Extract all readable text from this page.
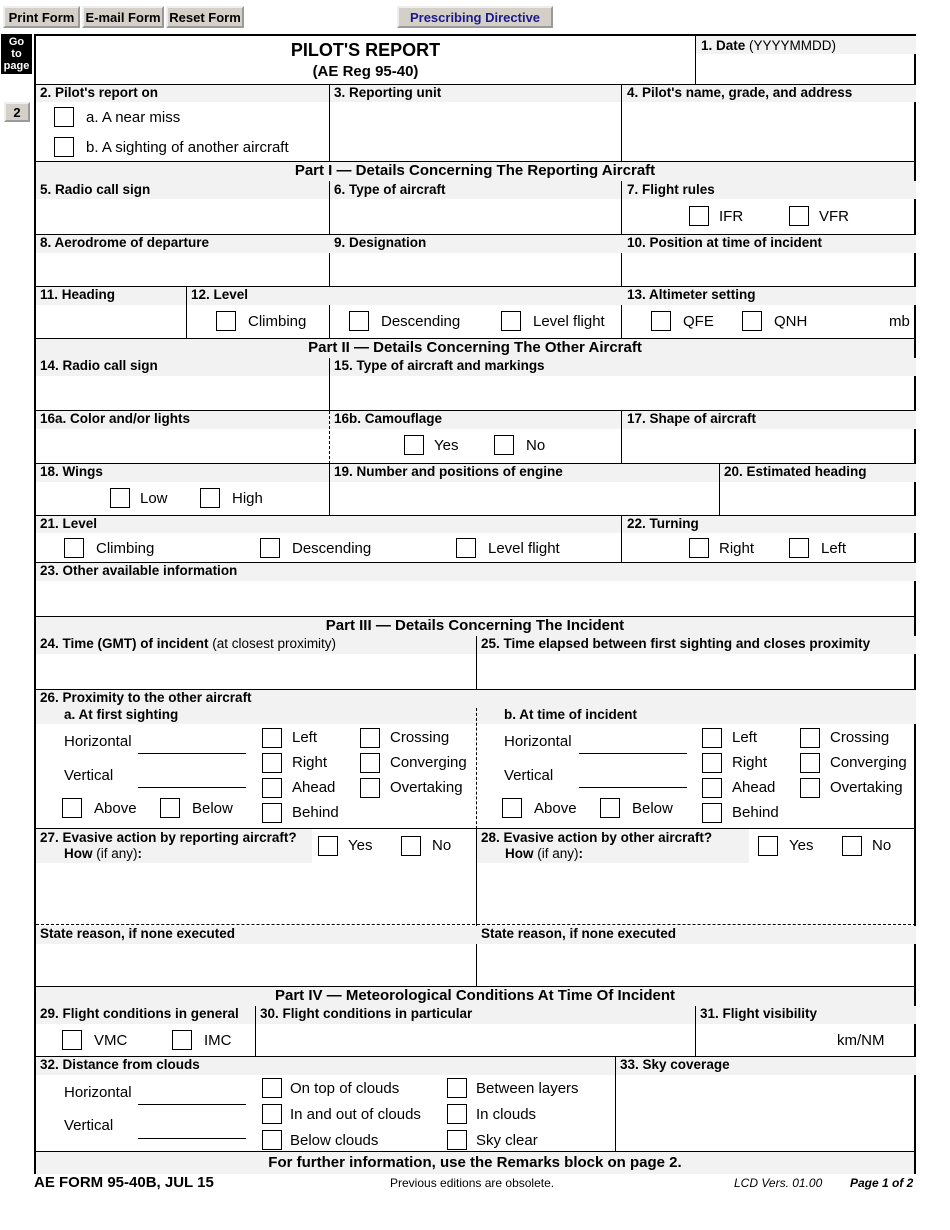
Print Form E-mail Form Reset Form	Prescribing Directive
Go
to
page
2
PILOT'S REPORT
(AE Reg 95-40)
1. Date (YYYYMMDD)
2. Pilot's report on
a. A near miss
b. A sighting of another aircraft
3. Reporting unit	4. Pilot's name, grade, and address
Part I — Details Concerning The Reporting Aircraft
5. Radio call sign	6. Type of aircraft	7. Flight rules
IFR	VFR
8. Aerodrome of departure	9. Designation	10. Position at time of incident
11. Heading	12. Level
Climbing	Descending	Level flight
13. Altimeter setting
QFE	QNH	mb
Part II — Details Concerning The Other Aircraft
14. Radio call sign	15. Type of aircraft and markings
16a. Color and/or lights	16b. Camouflage
Yes	No
17. Shape of aircraft
18. Wings
Low	High
19. Number and positions of engine	20. Estimated heading
21. Level
Climbing	Descending	Level flight
22. Turning
Right	Left
23. Other available information
Part III — Details Concerning The Incident
24. Time (GMT) of incident (at closest proximity)	25. Time elapsed between first sighting and closes proximity
26. Proximity to the other aircraft
a. At first sighting	b. At time of incident
Horizontal
Vertical
Above	Below
Left
Right
Ahead
Behind
Crossing
Converging
Overtaking
Horizontal
Vertical
Above	Below
Left
Right
Ahead
Behind
Crossing
Converging
Overtaking
27. Evasive action by reporting aircraft?
How (if any):	Yes	No 28. Evasive action by other aircraft?
How (if any):	Yes	No
State reason, if none executed	State reason, if none executed
Part IV — Meteorological Conditions At Time Of Incident
29. Flight conditions in general
VMC	IMC
30. Flight conditions in particular	31. Flight visibility
km/NM
32. Distance from clouds
Horizontal
Vertical
On top of clouds
In and out of clouds
Below clouds
Between layers
In clouds
Sky clear
33. Sky coverage
For further information, use the Remarks block on page 2.
AE FORM 95-40B, JUL 15	Previous editions are obsolete.	LCD Vers. 01.00 Page 1 of 2
